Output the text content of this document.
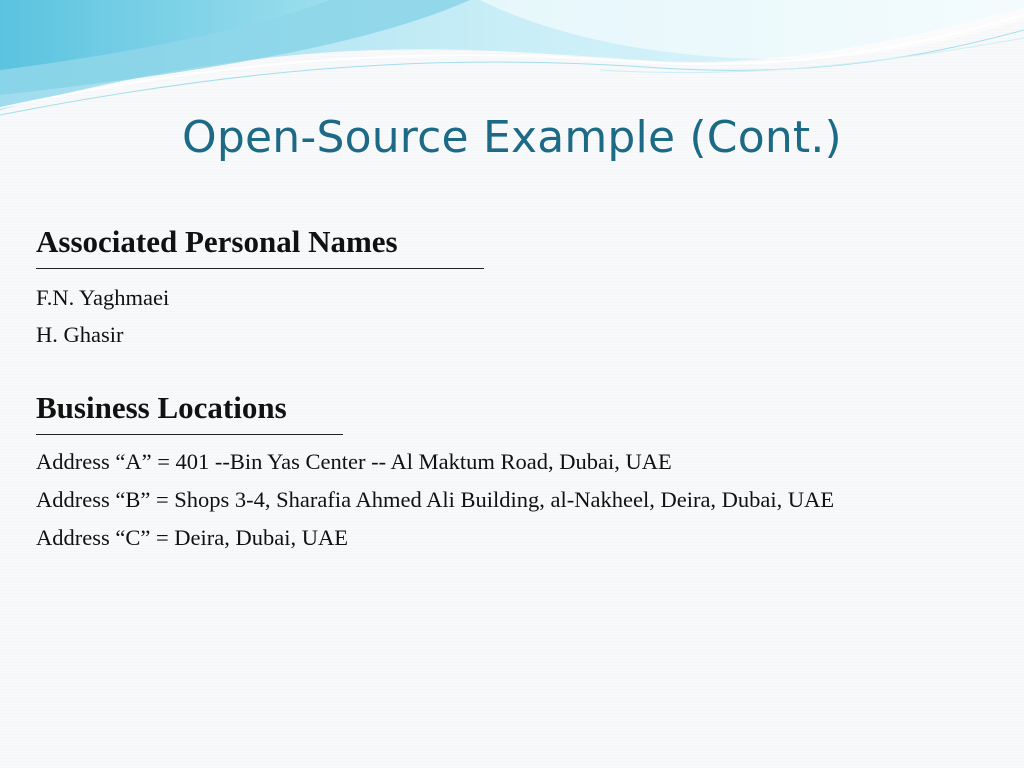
Open-Source Example (Cont.)
Associated Personal Names
F.N. Yaghmaei
H. Ghasir
Business Locations
Address “A” = 401 --Bin Yas Center -- Al Maktum Road, Dubai, UAE
Address “B” = Shops 3-4, Sharafia Ahmed Ali Building, al-Nakheel, Deira, Dubai, UAE
Address “C” = Deira, Dubai, UAE
